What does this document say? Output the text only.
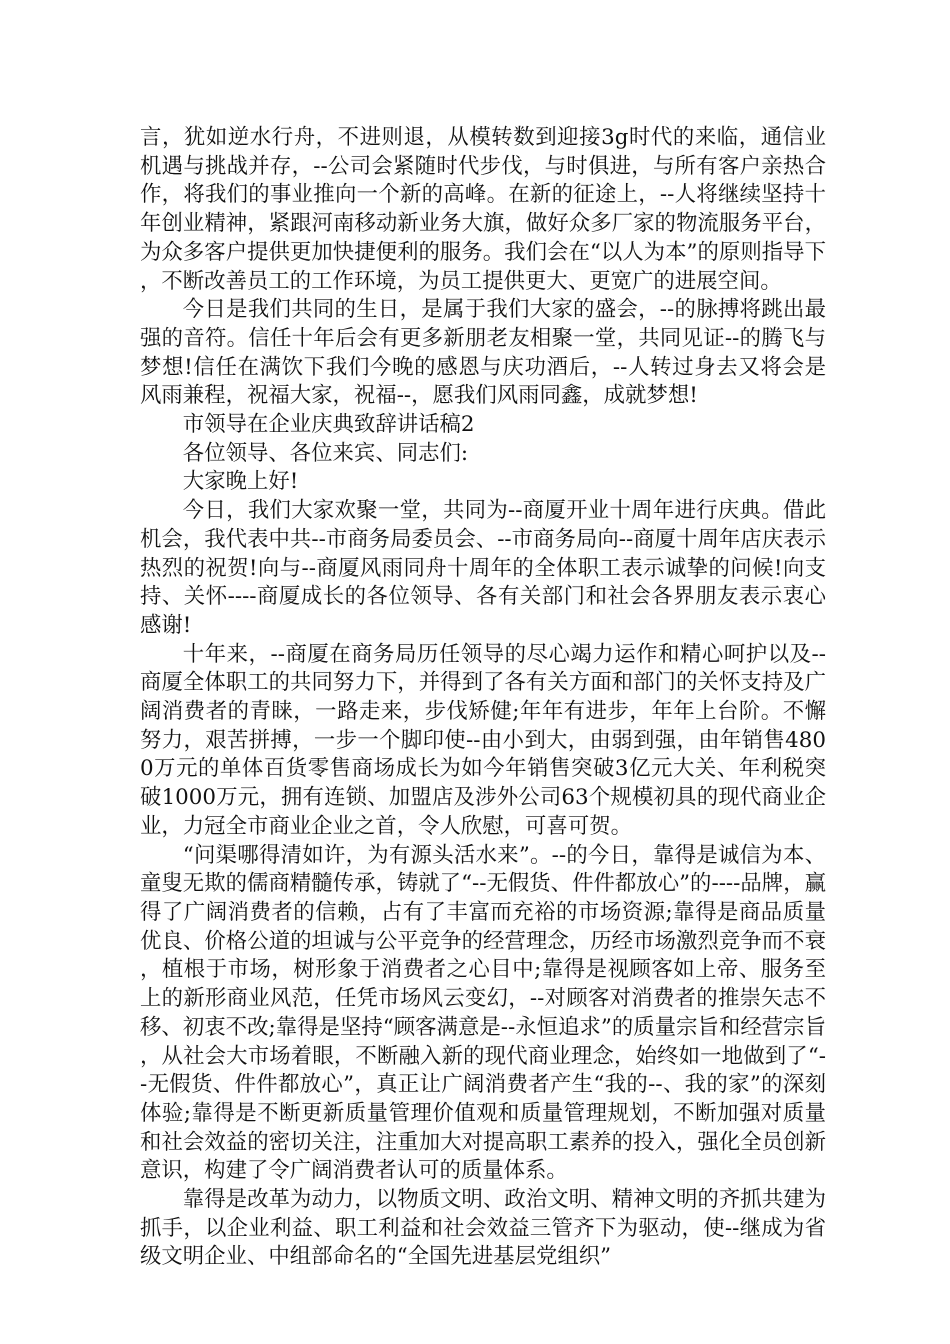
言，犹如逆水行舟，不进则退，从模转数到迎接3g时代的来临，通信业机遇与挑战并存，--公司会紧随时代步伐，与时俱进，与所有客户亲热合作，将我们的事业推向一个新的高峰。在新的征途上，--人将继续坚持十年创业精神，紧跟河南移动新业务大旗，做好众多厂家的物流服务平台，为众多客户提供更加快捷便利的服务。我们会在“以人为本”的原则指导下，不断改善员工的工作环境，为员工提供更大、更宽广的进展空间。

今日是我们共同的生日，是属于我们大家的盛会，--的脉搏将跳出最强的音符。信任十年后会有更多新朋老友相聚一堂，共同见证--的腾飞与梦想!信任在满饮下我们今晚的感恩与庆功酒后，--人转过身去又将会是风雨兼程，祝福大家，祝福--，愿我们风雨同鑫，成就梦想!

市领导在企业庆典致辞讲话稿2

各位领导、各位来宾、同志们:

大家晚上好!

今日，我们大家欢聚一堂，共同为--商厦开业十周年进行庆典。借此机会，我代表中共--市商务局委员会、--市商务局向--商厦十周年店庆表示热烈的祝贺!向与--商厦风雨同舟十周年的全体职工表示诚挚的问候!向支持、关怀----商厦成长的各位领导、各有关部门和社会各界朋友表示衷心感谢!

十年来，--商厦在商务局历任领导的尽心竭力运作和精心呵护以及--商厦全体职工的共同努力下，并得到了各有关方面和部门的关怀支持及广阔消费者的青睐，一路走来，步伐矫健;年年有进步，年年上台阶。不懈努力，艰苦拼搏，一步一个脚印使--由小到大，由弱到强，由年销售4800万元的单体百货零售商场成长为如今年销售突破3亿元大关、年利税突破1000万元，拥有连锁、加盟店及涉外公司63个规模初具的现代商业企业，力冠全市商业企业之首，令人欣慰，可喜可贺。

“问渠哪得清如许，为有源头活水来”。--的今日，靠得是诚信为本、童叟无欺的儒商精髓传承，铸就了“--无假货、件件都放心”的----品牌，赢得了广阔消费者的信赖，占有了丰富而充裕的市场资源;靠得是商品质量优良、价格公道的坦诚与公平竞争的经营理念，历经市场激烈竞争而不衰，植根于市场，树形象于消费者之心目中;靠得是视顾客如上帝、服务至上的新形商业风范，任凭市场风云变幻，--对顾客对消费者的推崇矢志不移、初衷不改;靠得是坚持“顾客满意是--永恒追求”的质量宗旨和经营宗旨，从社会大市场着眼，不断融入新的现代商业理念，始终如一地做到了“--无假货、件件都放心”，真正让广阔消费者产生“我的--、我的家”的深刻体验;靠得是不断更新质量管理价值观和质量管理规划，不断加强对质量和社会效益的密切关注，注重加大对提高职工素养的投入，强化全员创新意识，构建了令广阔消费者认可的质量体系。

靠得是改革为动力，以物质文明、政治文明、精神文明的齐抓共建为抓手，以企业利益、职工利益和社会效益三管齐下为驱动，使--继成为省级文明企业、中组部命名的“全国先进基层党组织”
